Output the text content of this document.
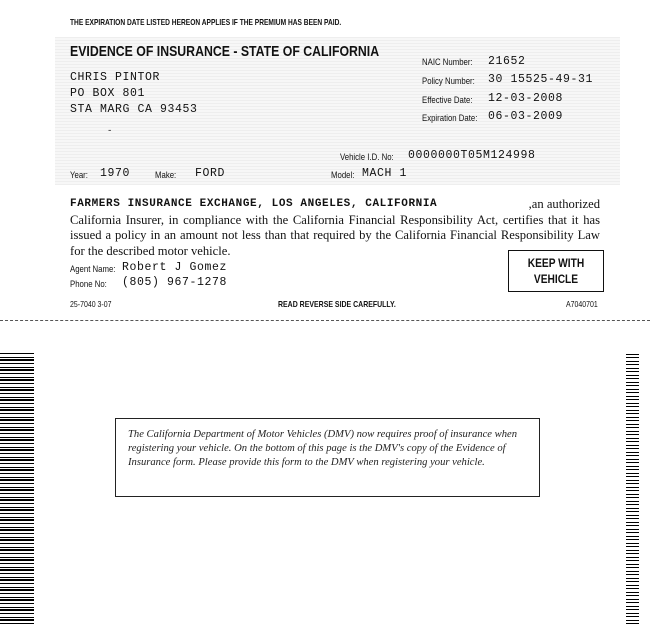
THE EXPIRATION DATE LISTED HEREON APPLIES IF THE PREMIUM HAS BEEN PAID.
EVIDENCE OF INSURANCE - STATE OF CALIFORNIA
CHRIS PINTOR
PO BOX 801
STA MARG CA 93453
-
NAIC Number: 21652
Policy Number: 30 15525-49-31
Effective Date: 12-03-2008
Expiration Date: 06-03-2009
Vehicle I.D. No: 0000000T05M124998
Year: 1970	Make: FORD	Model: MACH 1
FARMERS INSURANCE EXCHANGE, LOS ANGELES, CALIFORNIA	,an authorized
California Insurer, in compliance with the California Financial Responsibility Act, certifies that it has issued a policy in an amount not less than that required by the California Financial Responsibility Law for the described motor vehicle.
Agent Name: Robert J Gomez
Phone No: (805) 967-1278
KEEP WITH
VEHICLE
25-7040 3-07	READ REVERSE SIDE CAREFULLY.	A7040701
The California Department of Motor Vehicles (DMV) now requires proof of insurance when registering your vehicle. On the bottom of this page is the DMV's copy of the Evidence of Insurance form. Please provide this form to the DMV when registering your vehicle.
